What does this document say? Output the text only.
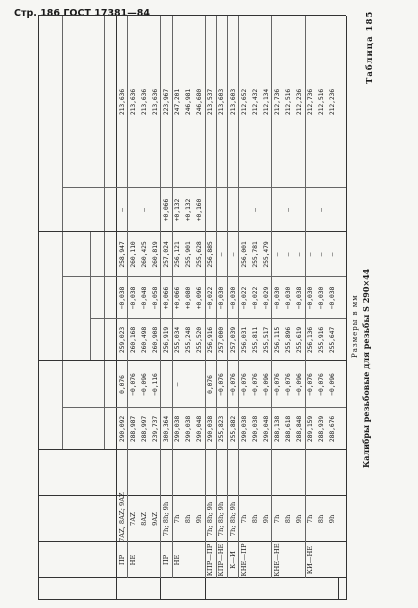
Стр. 186 ГОСТ 17381—84	Таблица 185
Калибры резьбовые для резьбы S 290×44
Размеры в мм
ПР
7AZ, 8AZ; 9AZ
290,092
0,076
259,023
−0,038
258,947
—
213,636
НЕ
7AZ
288,987
−0,076
260,168
−0,038
260,110
213,636
8AZ
288,997
−0,096
260,498
−0,048
260,425
—
213,636
9AZ
239,737
−0,116
260,908
−0,058
260,819
213,636
ПР
7h; 8h; 9h
300,364
256,919
+0,066
257,024
+0,066
223,967
НЕ
7h
290,038
—
255,034
+0,066
256,121
+0,132
247,201
8h
290,038
255,248
+0,080
255,901
+0,132
246,981
9h
290,048
255,520
+0,096
255,628
+0,160
246,680
КПР—ПР
7h; 8h; 9h
290,038
0,076
256,916
−0,022
256,885
213,537
КПР—НЕ
7h; 8h; 9h
255,823
−0,076
257,000
−0,030
—
213,603
К—И
7h; 8h; 9h
255,882
−0,076
257,039
−0,030
—
213,603
КНЕ—ПР
7h
290,038
−0,076
256,031
−0,022
256,001
212,652
8h
290,038
−0,076
255,811
−0,022
255,781
—
212,432
9h
290,048
−0,096
255,517
−0,029
255,479
212,134
КНЕ—НЕ
7h
288,138
−0,076
256,115
−0,030
—
212,736
8h
288,618
−0,076
255,896
−0,030
—
—
212,516
9h
288,848
−0,096
255,619
−0,038
—
212,236
КИ—НЕ
7h
289,159
−0,076
256,136
−0,030
—
212,736
8h
288,939
−0,076
255,916
−0,030
—
—
212,516
9h
288,676
−0,096
255,647
−0,038
—
212,236
